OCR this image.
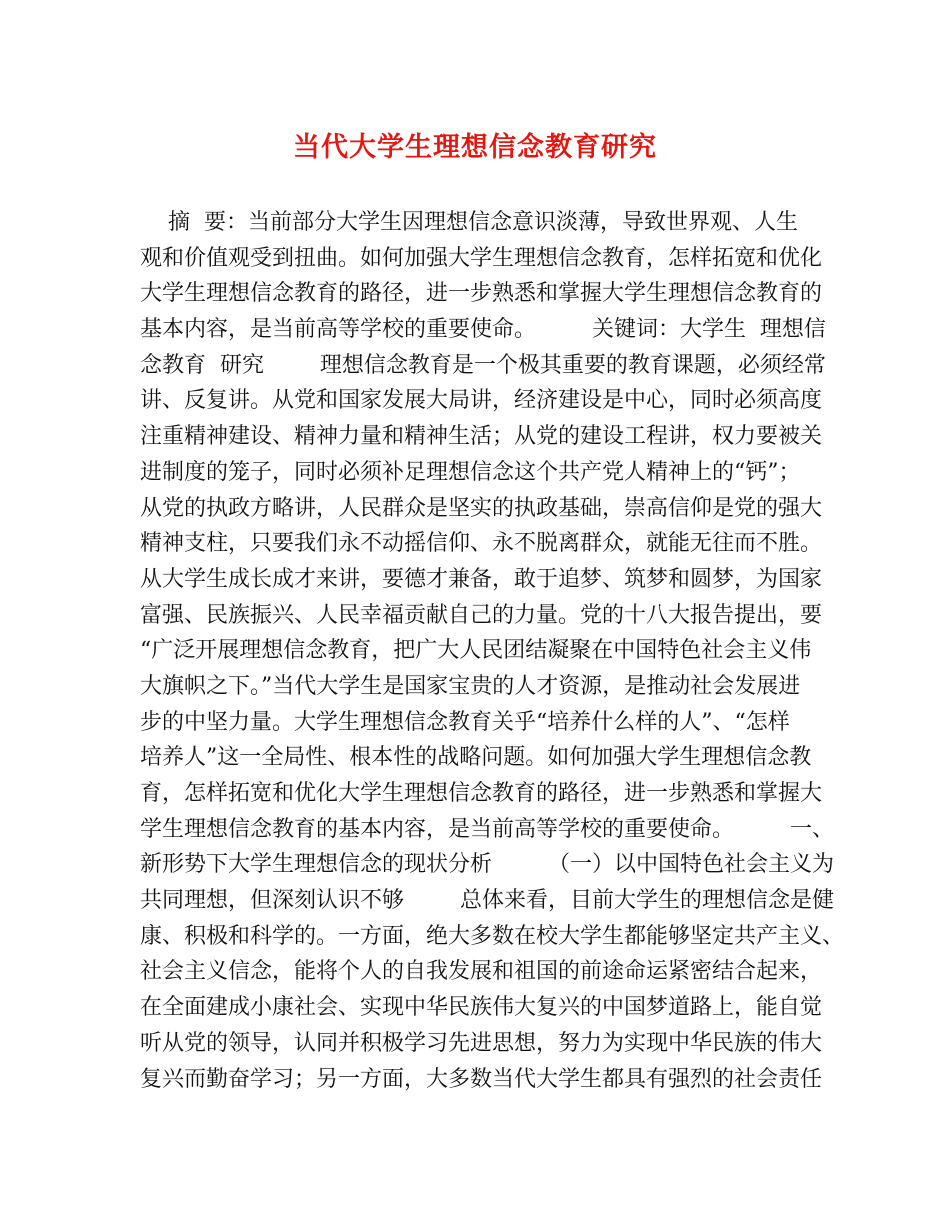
当代大学生理想信念教育研究
摘  要：当前部分大学生因理想信念意识淡薄，导致世界观、人生
观和价值观受到扭曲。如何加强大学生理想信念教育，怎样拓宽和优化
大学生理想信念教育的路径，进一步熟悉和掌握大学生理想信念教育的
基本内容，是当前高等学校的重要使命。        关键词：大学生  理想信
念教育  研究        理想信念教育是一个极其重要的教育课题，必须经常
讲、反复讲。从党和国家发展大局讲，经济建设是中心，同时必须高度
注重精神建设、精神力量和精神生活；从党的建设工程讲，权力要被关
进制度的笼子，同时必须补足理想信念这个共产党人精神上的“钙”；
从党的执政方略讲，人民群众是坚实的执政基础，崇高信仰是党的强大
精神支柱，只要我们永不动摇信仰、永不脱离群众，就能无往而不胜。
从大学生成长成才来讲，要德才兼备，敢于追梦、筑梦和圆梦，为国家
富强、民族振兴、人民幸福贡献自己的力量。党的十八大报告提出，要
“广泛开展理想信念教育，把广大人民团结凝聚在中国特色社会主义伟
大旗帜之下。”当代大学生是国家宝贵的人才资源，是推动社会发展进
步的中坚力量。大学生理想信念教育关乎“培养什么样的人”、“怎样
培养人”这一全局性、根本性的战略问题。如何加强大学生理想信念教
育，怎样拓宽和优化大学生理想信念教育的路径，进一步熟悉和掌握大
学生理想信念教育的基本内容，是当前高等学校的重要使命。        一、
新形势下大学生理想信念的现状分析        （一）以中国特色社会主义为
共同理想，但深刻认识不够        总体来看，目前大学生的理想信念是健
康、积极和科学的。一方面，绝大多数在校大学生都能够坚定共产主义、
社会主义信念，能将个人的自我发展和祖国的前途命运紧密结合起来，
在全面建成小康社会、实现中华民族伟大复兴的中国梦道路上，能自觉
听从党的领导，认同并积极学习先进思想，努力为实现中华民族的伟大
复兴而勤奋学习；另一方面，大多数当代大学生都具有强烈的社会责任
